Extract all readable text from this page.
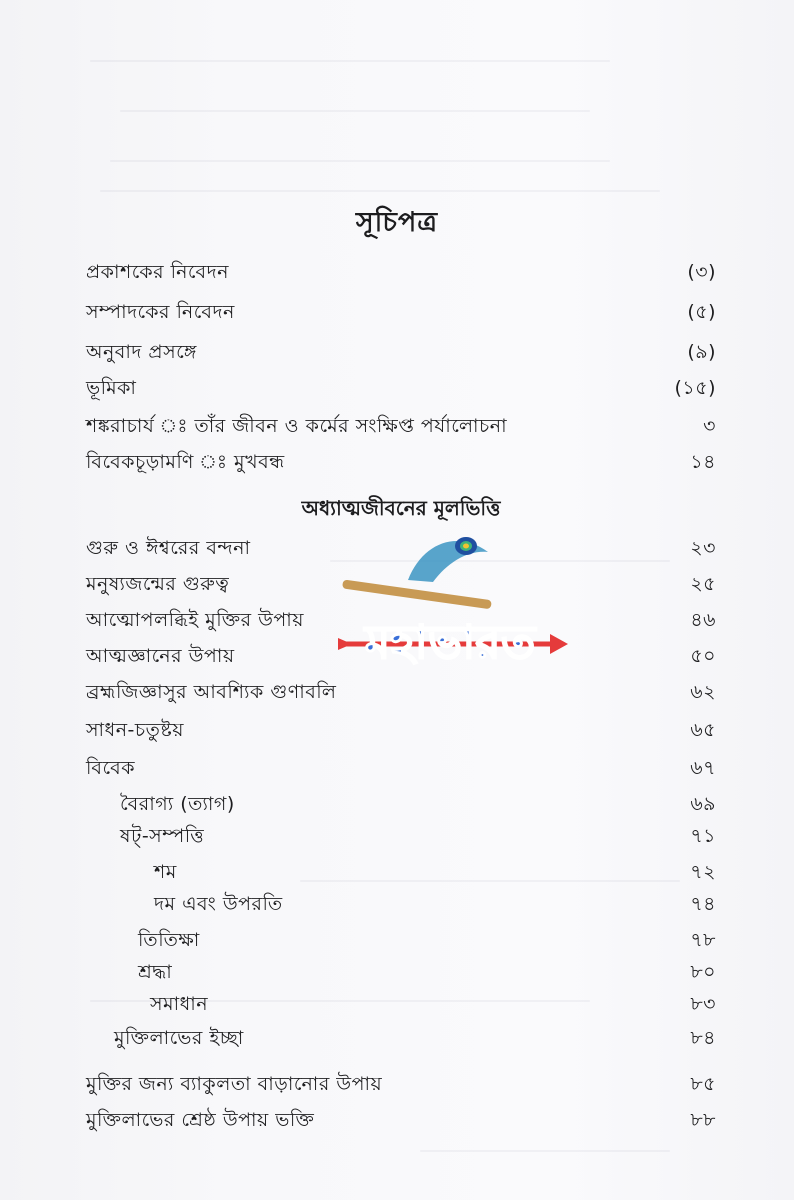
সূচিপত্র
প্রকাশকের নিবেদন	(৩)
সম্পাদকের নিবেদন	(৫)
অনুবাদ প্রসঙ্গে	(৯)
ভূমিকা	(১৫)
শঙ্করাচার্য ঃ তাঁর জীবন ও কর্মের সংক্ষিপ্ত পর্যালোচনা	৩
বিবেকচূড়ামণি ঃ মুখবন্ধ	১৪
অধ্যাত্মজীবনের মূলভিত্তি
গুরু ও ঈশ্বরের বন্দনা	২৩
মনুষ্যজন্মের গুরুত্ব	২৫
আত্মোপলব্ধিই মুক্তির উপায়	৪৬
আত্মজ্ঞানের উপায়	৫০
ব্রহ্মজিজ্ঞাসুর আবশ্যিক গুণাবলি	৬২
সাধন-চতুষ্টয়	৬৫
বিবেক	৬৭
বৈরাগ্য (ত্যাগ)	৬৯
ষট্‌-সম্পত্তি	৭১
শম	৭২
দম এবং উপরতি	৭৪
তিতিক্ষা	৭৮
শ্রদ্ধা	৮০
সমাধান	৮৩
মুক্তিলাভের ইচ্ছা	৮৪
মুক্তির জন্য ব্যাকুলতা বাড়ানোর উপায়	৮৫
মুক্তিলাভের শ্রেষ্ঠ উপায় ভক্তি	৮৮
মহাভারত
